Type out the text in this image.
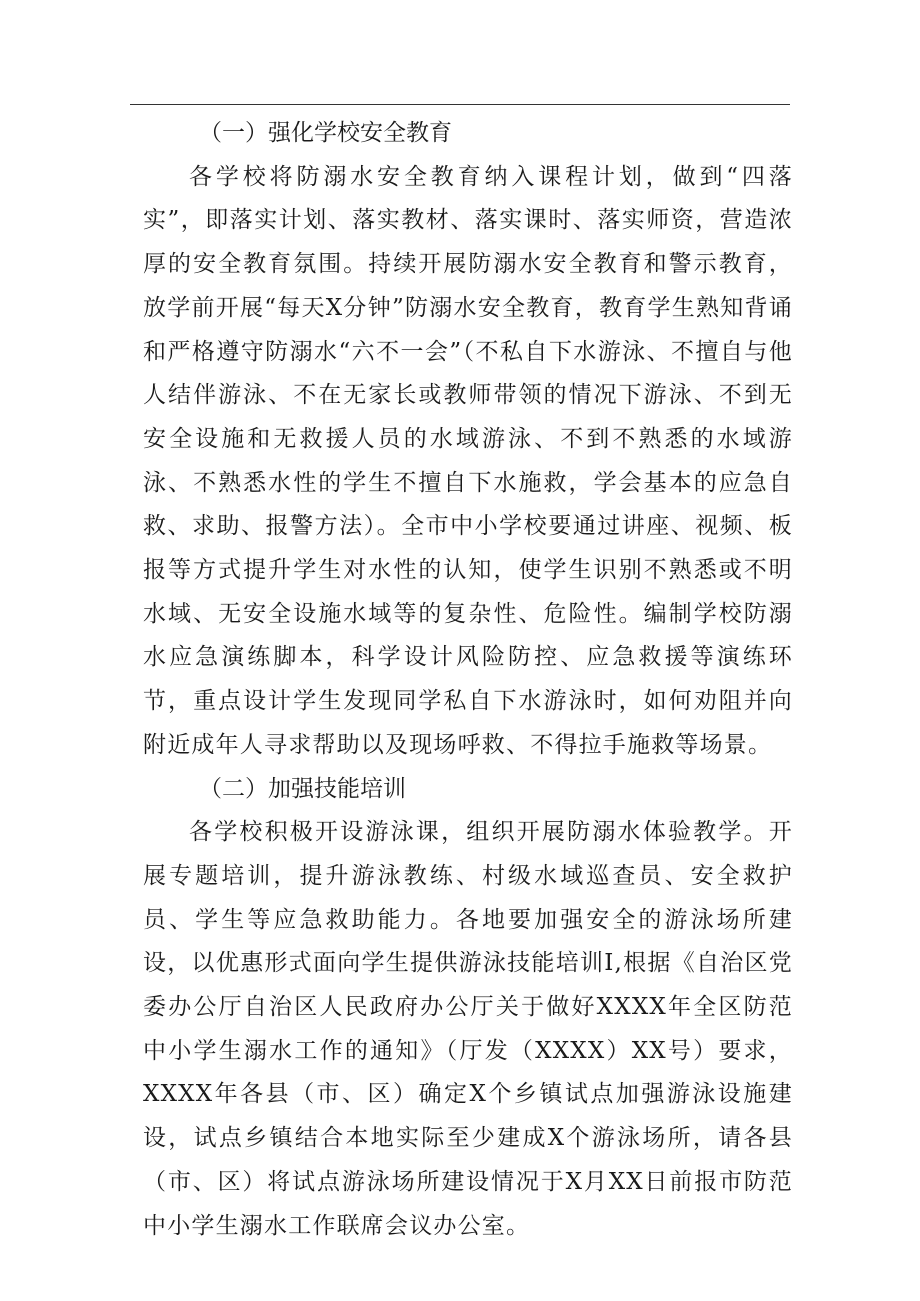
（一）强化学校安全教育

各学校将防溺水安全教育纳入课程计划，做到“四落实”，即落实计划、落实教材、落实课时、落实师资，营造浓厚的安全教育氛围。持续开展防溺水安全教育和警示教育，放学前开展“每天X分钟”防溺水安全教育，教育学生熟知背诵和严格遵守防溺水“六不一会”（不私自下水游泳、不擅自与他人结伴游泳、不在无家长或教师带领的情况下游泳、不到无安全设施和无救援人员的水域游泳、不到不熟悉的水域游泳、不熟悉水性的学生不擅自下水施救，学会基本的应急自救、求助、报警方法）。全市中小学校要通过讲座、视频、板报等方式提升学生对水性的认知，使学生识别不熟悉或不明水域、无安全设施水域等的复杂性、危险性。编制学校防溺水应急演练脚本，科学设计风险防控、应急救援等演练环节，重点设计学生发现同学私自下水游泳时，如何劝阻并向附近成年人寻求帮助以及现场呼救、不得拉手施救等场景。

（二）加强技能培训

各学校积极开设游泳课，组织开展防溺水体验教学。开展专题培训，提升游泳教练、村级水域巡查员、安全救护员、学生等应急救助能力。各地要加强安全的游泳场所建设，以优惠形式面向学生提供游泳技能培训I,根据《自治区党委办公厅自治区人民政府办公厅关于做好XXXX年全区防范中小学生溺水工作的通知》（厅发（XXXX）XX号）要求，XXXX年各县（市、区）确定X个乡镇试点加强游泳设施建设，试点乡镇结合本地实际至少建成X个游泳场所，请各县（市、区）将试点游泳场所建设情况于X月XX日前报市防范中小学生溺水工作联席会议办公室。
